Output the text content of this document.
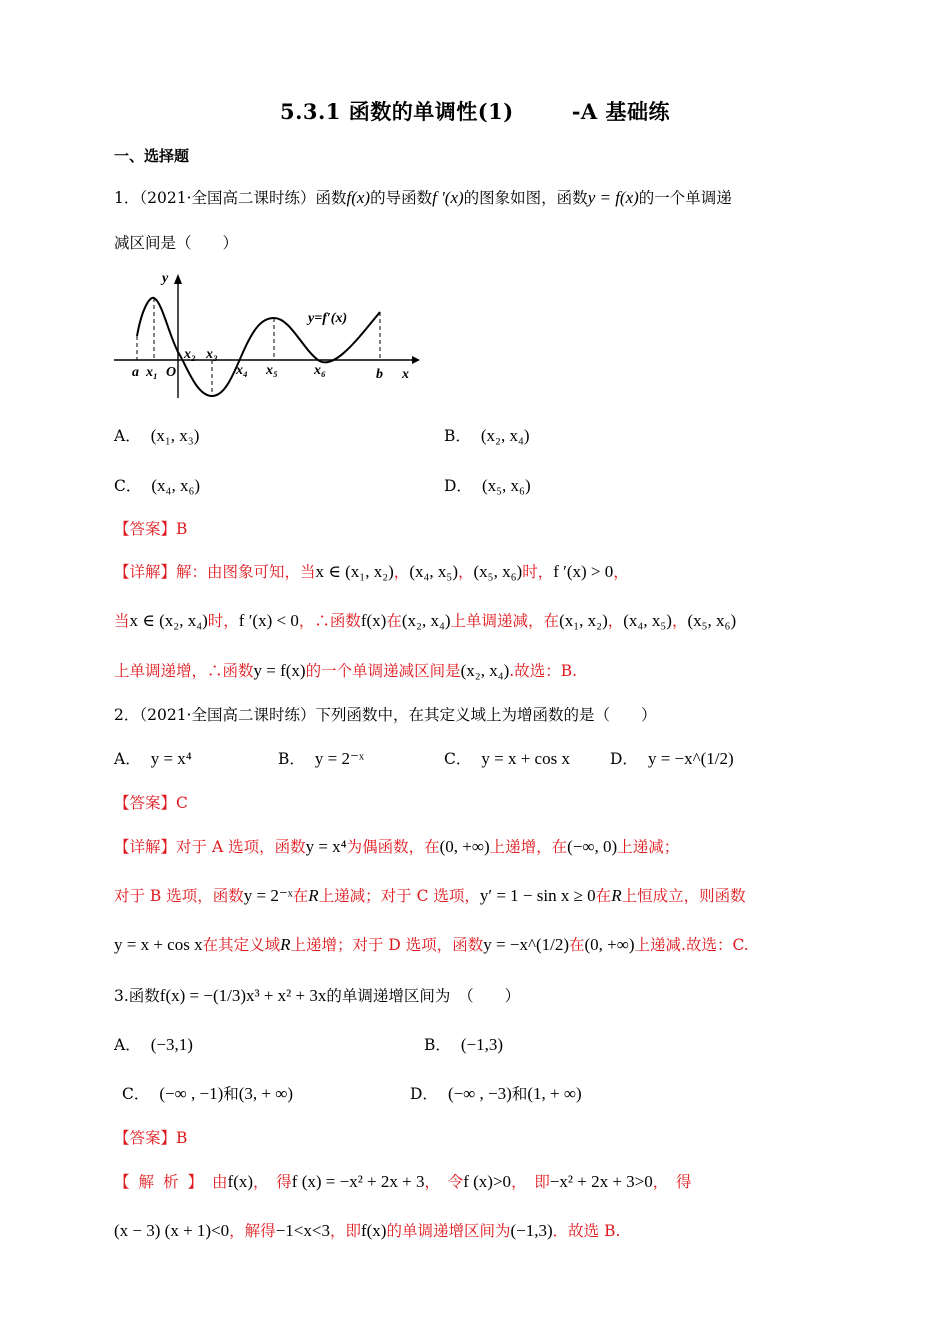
5.3.1 函数的单调性(1)	-A 基础练
一、选择题
1．（2021·全国高二课时练）函数f(x)的导函数f ′(x)的图象如图，函数y = f(x)的一个单调递
减区间是（　　）
y
y=f′(x)
a x₁ O
x₂ x₃
x₄ x₅	x₆	b x
A． (x₁, x₃)	B． (x₂, x₄)
C． (x₄, x₆)	D． (x₅, x₆)
【答案】B
【详解】解：由图象可知，当x ∈ (x₁, x₂)，(x₄, x₅)，(x₅, x₆)时，f ′(x) > 0，
当x ∈ (x₂, x₄)时，f ′(x) < 0，∴函数f(x)在(x₂, x₄)上单调递减，在(x₁, x₂)，(x₄, x₅)，(x₅, x₆)
上单调递增，∴函数y = f(x)的一个单调递减区间是(x₂, x₄).故选：B.
2．（2021·全国高二课时练）下列函数中，在其定义域上为增函数的是（　　）
A． y = x⁴	B． y = 2⁻ˣ	C． y = x + cos x	D． y = −x^(1/2)
【答案】C
【详解】对于 A 选项，函数y = x⁴为偶函数，在(0, +∞)上递增，在(−∞, 0)上递减；
对于 B 选项，函数y = 2⁻ˣ在R上递减；对于 C 选项，y′ = 1 − sin x ≥ 0在R上恒成立，则函数
y = x + cos x在其定义域R上递增；对于 D 选项，函数y = −x^(1/2)在(0, +∞)上递减.故选：C.
3.函数f(x) = −(1/3)x³ + x² + 3x的单调递增区间为　（　　）
A． (−3,1)	B． (−1,3)
C． (−∞ , −1)和(3, + ∞)	D． (−∞ , −3)和(1, + ∞)
【答案】B
【解析】由f(x)，　得f (x) = −x² + 2x + 3，　令f (x)>0，　即−x² + 2x + 3>0，　得
(x − 3) (x + 1)<0，解得−1<x<3，即f(x)的单调递增区间为(−1,3)．故选 B.
